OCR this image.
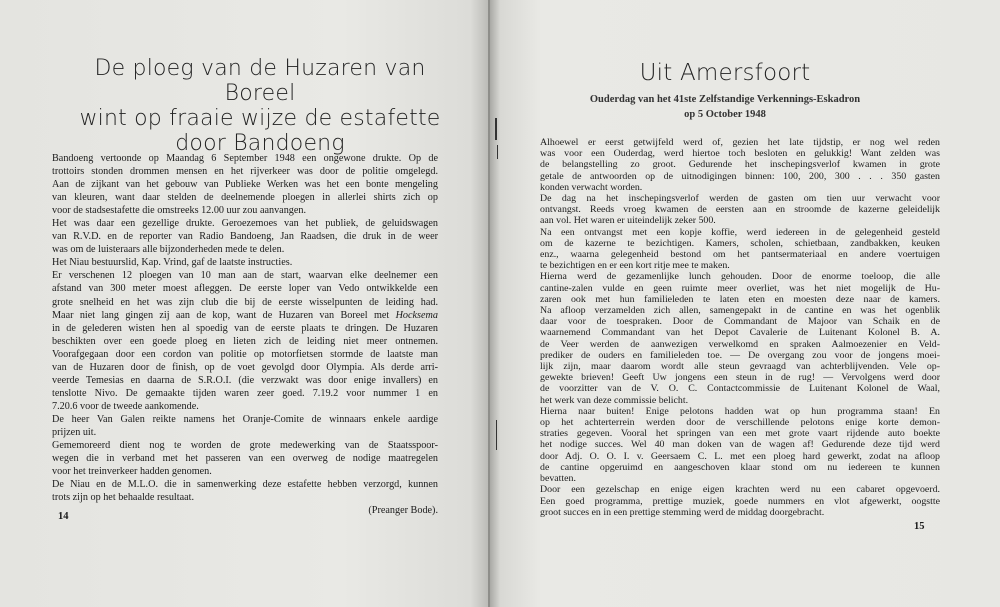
De ploeg van de Huzaren van Boreel
wint op fraaie wijze de estafette
door Bandoeng
Bandoeng vertoonde op Maandag 6 September 1948 een ongewone drukte. Op de
trottoirs stonden drommen mensen en het rijverkeer was door de politie omgelegd.
Aan de zijkant van het gebouw van Publieke Werken was het een bonte mengeling
van kleuren, want daar stelden de deelnemende ploegen in allerlei shirts zich op
voor de stadsestafette die omstreeks 12.00 uur zou aanvangen.
Het was daar een gezellige drukte. Geroezemoes van het publiek, de geluidswagen
van R.V.D. en de reporter van Radio Bandoeng, Jan Raadsen, die druk in de weer
was om de luisteraars alle bijzonderheden mede te delen.
Het Niau bestuurslid, Kap. Vrind, gaf de laatste instructies.
Er verschenen 12 ploegen van 10 man aan de start, waarvan elke deelnemer een
afstand van 300 meter moest afleggen. De eerste loper van Vedo ontwikkelde een
grote snelheid en het was zijn club die bij de eerste wisselpunten de leiding had.
Maar niet lang gingen zij aan de kop, want de Huzaren van Boreel met Hocksema
in de gelederen wisten hen al spoedig van de eerste plaats te dringen. De Huzaren
beschikten over een goede ploeg en lieten zich de leiding niet meer ontnemen.
Voorafgegaan door een cordon van politie op motorfietsen stormde de laatste man
van de Huzaren door de finish, op de voet gevolgd door Olympia. Als derde arri-
veerde Temesias en daarna de S.R.O.I. (die verzwakt was door enige invallers) en
tenslotte Nivo. De gemaakte tijden waren zeer goed. 7.19.2 voor nummer 1 en
7.20.6 voor de tweede aankomende.
De heer Van Galen reikte namens het Oranje-Comite de winnaars enkele aardige
prijzen uit.
Gememoreerd dient nog te worden de grote medewerking van de Staatsspoor-
wegen die in verband met het passeren van een overweg de nodige maatregelen
voor het treinverkeer hadden genomen.
De Niau en de M.L.O. die in samenwerking deze estafette hebben verzorgd, kunnen
trots zijn op het behaalde resultaat.
(Preanger Bode).
14
Uit Amersfoort
Ouderdag van het 41ste Zelfstandige Verkennings-Eskadron
op 5 October 1948
Alhoewel er eerst getwijfeld werd of, gezien het late tijdstip, er nog wel reden
was voor een Ouderdag, werd hiertoe toch besloten en gelukkig! Want zelden was
de belangstelling zo groot. Gedurende het inschepingsverlof kwamen in grote
getale de antwoorden op de uitnodigingen binnen: 100, 200, 300 . . . 350 gasten
konden verwacht worden.
De dag na het inschepingsverlof werden de gasten om tien uur verwacht voor
ontvangst. Reeds vroeg kwamen de eersten aan en stroomde de kazerne geleidelijk
aan vol. Het waren er uiteindelijk zeker 500.
Na een ontvangst met een kopje koffie, werd iedereen in de gelegenheid gesteld
om de kazerne te bezichtigen. Kamers, scholen, schietbaan, zandbakken, keuken
enz., waarna gelegenheid bestond om het pantsermateriaal en andere voertuigen
te bezichtigen en er een kort ritje mee te maken.
Hierna werd de gezamenlijke lunch gehouden. Door de enorme toeloop, die alle
cantine-zalen vulde en geen ruimte meer overliet, was het niet mogelijk de Hu-
zaren ook met hun familieleden te laten eten en moesten deze naar de kamers.
Na afloop verzamelden zich allen, samengepakt in de cantine en was het ogenblik
daar voor de toespraken. Door de Commandant de Majoor van Schaik en de
waarnemend Commandant van het Depot Cavalerie de Luitenant Kolonel B. A.
de Veer werden de aanwezigen verwelkomd en spraken Aalmoezenier en Veld-
prediker de ouders en familieleden toe. — De overgang zou voor de jongens moei-
lijk zijn, maar daarom wordt alle steun gevraagd van achterblijvenden. Vele op-
gewekte brieven! Geeft Uw jongens een steun in de rug! — Vervolgens werd door
de voorzitter van de V. O. C. Contactcommissie de Luitenant Kolonel de Waal,
het werk van deze commissie belicht.
Hierna naar buiten! Enige pelotons hadden wat op hun programma staan! En
op het achterterrein werden door de verschillende pelotons enige korte demon-
straties gegeven. Vooral het springen van een met grote vaart rijdende auto boekte
het nodige succes. Wel 40 man doken van de wagen af! Gedurende deze tijd werd
door Adj. O. O. I. v. Geersaem C. L. met een ploeg hard gewerkt, zodat na afloop
de cantine opgeruimd en aangeschoven klaar stond om nu iedereen te kunnen
bevatten.
Door een gezelschap en enige eigen krachten werd nu een cabaret opgevoerd.
Een goed programma, prettige muziek, goede nummers en vlot afgewerkt, oogstte
groot succes en in een prettige stemming werd de middag doorgebracht.
15
